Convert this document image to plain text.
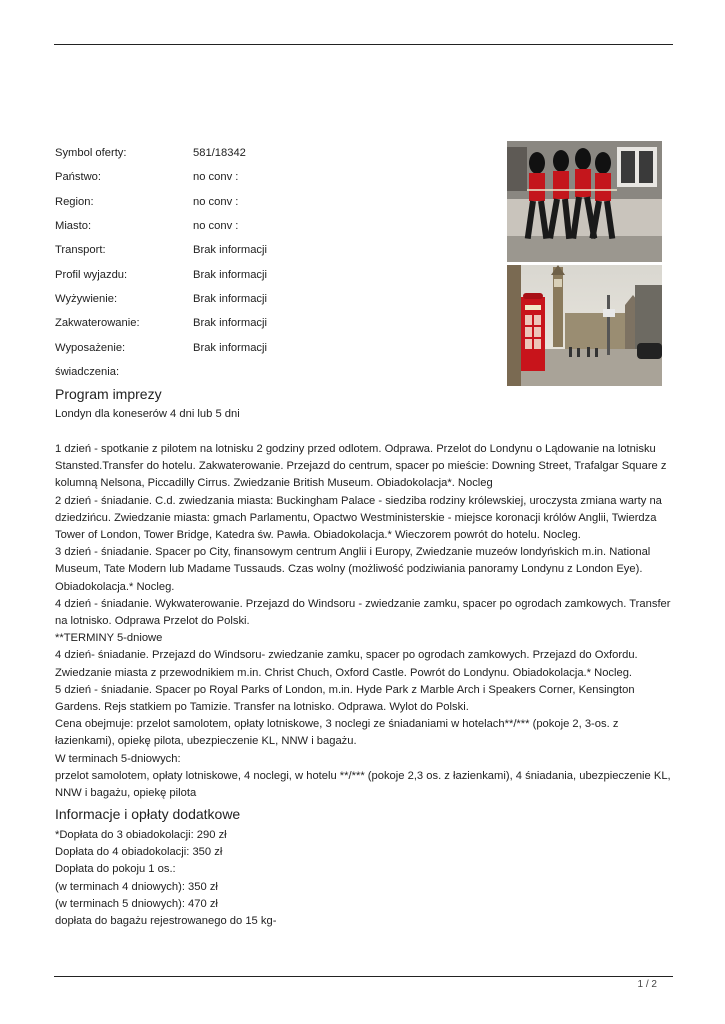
Symbol oferty:	581/18342
Państwo:	no conv :
Region:	no conv :
Miasto:	no conv :
Transport:	Brak informacji
Profil wyjazdu:	Brak informacji
Wyżywienie:	Brak informacji
Zakwaterowanie:	Brak informacji
Wyposażenie:	Brak informacji
świadczenia:
Program imprezy
Londyn dla koneserów 4 dni lub 5 dni

1 dzień - spotkanie z pilotem na lotnisku 2 godziny przed odlotem. Odprawa. Przelot do Londynu o Lądowanie na lotnisku Stansted.Transfer do hotelu. Zakwaterowanie. Przejazd do centrum, spacer po mieście: Downing Street, Trafalgar Square z kolumną Nelsona, Piccadilly Cirrus. Zwiedzanie British Museum. Obiadokolacja*. Nocleg

2 dzień - śniadanie. C.d. zwiedzania miasta: Buckingham Palace - siedziba rodziny królewskiej, uroczysta zmiana warty na dziedzińcu. Zwiedzanie miasta: gmach Parlamentu, Opactwo Westministerskie - miejsce koronacji królów Anglii, Twierdza Tower of London, Tower Bridge, Katedra św. Pawła. Obiadokolacja.* Wieczorem powrót do hotelu. Nocleg.

3 dzień - śniadanie. Spacer po City, finansowym centrum Anglii i Europy, Zwiedzanie muzeów londyńskich m.in. National Museum, Tate Modern lub Madame Tussauds. Czas wolny (możliwość podziwiania panoramy Londynu z London Eye). Obiadokolacja.* Nocleg.

4 dzień - śniadanie. Wykwaterowanie. Przejazd do Windsoru - zwiedzanie zamku, spacer po ogrodach zamkowych. Transfer na lotnisko. Odprawa Przelot do Polski.

**TERMINY 5-dniowe

4 dzień- śniadanie. Przejazd do Windsoru- zwiedzanie zamku, spacer po ogrodach zamkowych. Przejazd do Oxfordu. Zwiedzanie miasta z przewodnikiem m.in. Christ Chuch, Oxford Castle. Powrót do Londynu. Obiadokolacja.* Nocleg.

5 dzień - śniadanie. Spacer po Royal Parks of London, m.in. Hyde Park z Marble Arch i Speakers Corner, Kensington Gardens. Rejs statkiem po Tamizie. Transfer na lotnisko. Odprawa. Wylot do Polski.

Cena obejmuje: przelot samolotem, opłaty lotniskowe, 3 noclegi ze śniadaniami w hotelach**/*** (pokoje 2, 3-os. z łazienkami), opiekę pilota, ubezpieczenie KL, NNW i bagażu.

W terminach 5-dniowych:

przelot samolotem, opłaty lotniskowe, 4 noclegi, w hotelu **/*** (pokoje 2,3 os. z łazienkami), 4 śniadania, ubezpieczenie KL, NNW i bagażu, opiekę pilota

Informacje i opłaty dodatkowe

*Dopłata do 3 obiadokolacji: 290 zł

Dopłata do 4 obiadokolacji: 350 zł

Dopłata do pokoju 1 os.:

(w terminach 4 dniowych): 350 zł

(w terminach 5 dniowych): 470 zł

dopłata do bagażu rejestrowanego do 15 kg-

1 / 2
